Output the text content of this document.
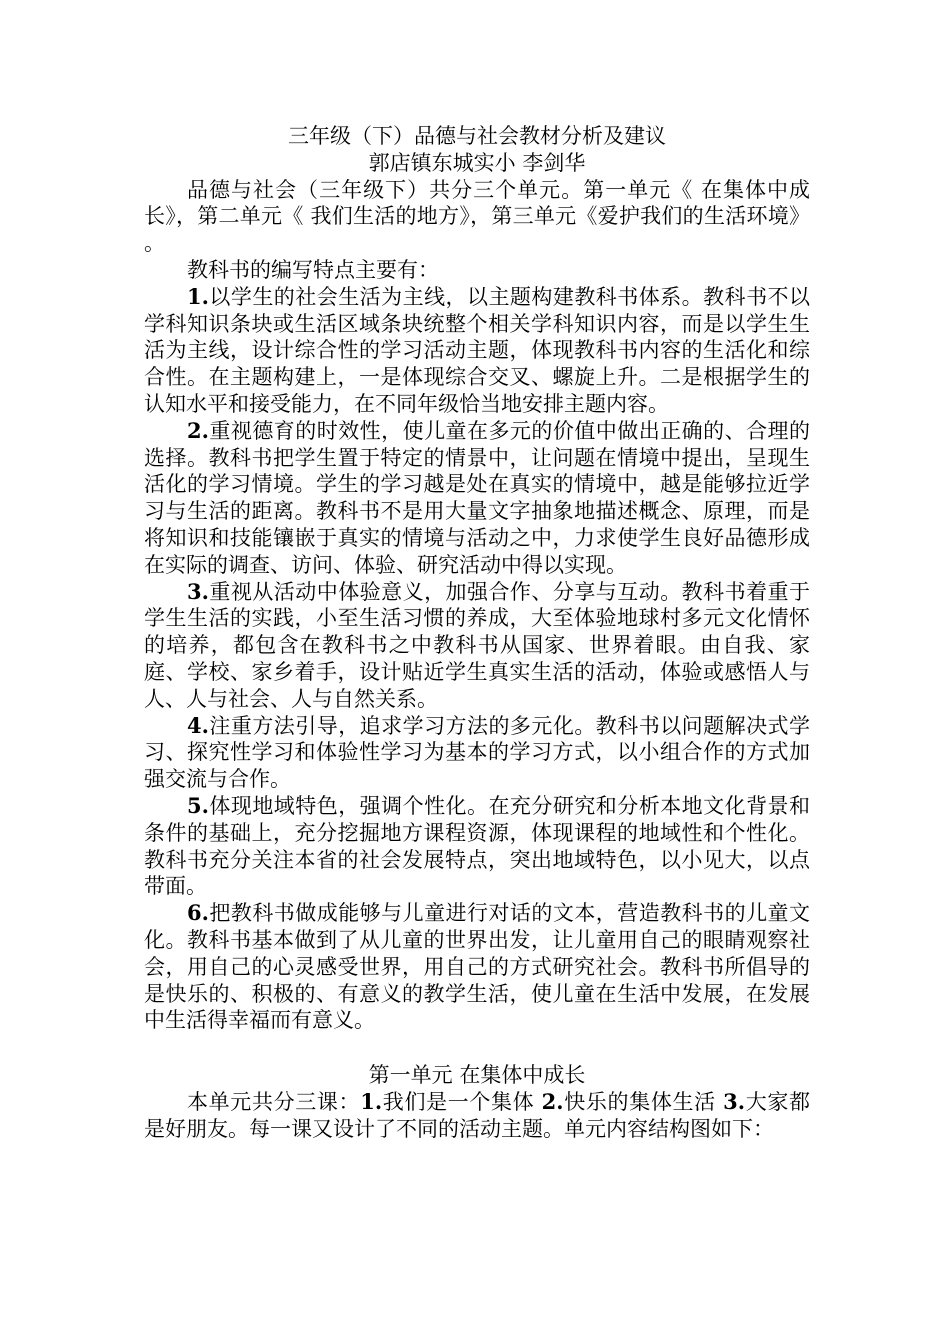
三年级（下）品德与社会教材分析及建议

郭店镇东城实小 李剑华

品德与社会（三年级下）共分三个单元。第一单元《 在集体中成长》，第二单元《 我们生活的地方》，第三单元《爱护我们的生活环境》 。

教科书的编写特点主要有：

1.以学生的社会生活为主线，以主题构建教科书体系。教科书不以学科知识条块或生活区域条块统整个相关学科知识内容，而是以学生生活为主线，设计综合性的学习活动主题，体现教科书内容的生活化和综合性。在主题构建上，一是体现综合交叉、螺旋上升。二是根据学生的认知水平和接受能力，在不同年级恰当地安排主题内容。

2.重视德育的时效性，使儿童在多元的价值中做出正确的、合理的选择。教科书把学生置于特定的情景中，让问题在情境中提出，呈现生活化的学习情境。学生的学习越是处在真实的情境中，越是能够拉近学习与生活的距离。教科书不是用大量文字抽象地描述概念、原理，而是将知识和技能镶嵌于真实的情境与活动之中，力求使学生良好品德形成在实际的调查、访问、体验、研究活动中得以实现。

3.重视从活动中体验意义，加强合作、分享与互动。教科书着重于学生生活的实践，小至生活习惯的养成，大至体验地球村多元文化情怀的培养，都包含在教科书之中教科书从国家、世界着眼。由自我、家庭、学校、家乡着手，设计贴近学生真实生活的活动，体验或感悟人与人、人与社会、人与自然关系。

4.注重方法引导，追求学习方法的多元化。教科书以问题解决式学习、探究性学习和体验性学习为基本的学习方式，以小组合作的方式加强交流与合作。

5.体现地域特色，强调个性化。在充分研究和分析本地文化背景和条件的基础上，充分挖掘地方课程资源，体现课程的地域性和个性化。教科书充分关注本省的社会发展特点，突出地域特色，以小见大，以点带面。

6.把教科书做成能够与儿童进行对话的文本，营造教科书的儿童文化。教科书基本做到了从儿童的世界出发，让儿童用自己的眼睛观察社会，用自己的心灵感受世界，用自己的方式研究社会。教科书所倡导的是快乐的、积极的、有意义的教学生活，使儿童在生活中发展，在发展中生活得幸福而有意义。

第一单元 在集体中成长

本单元共分三课：1.我们是一个集体 2.快乐的集体生活 3.大家都是好朋友。每一课又设计了不同的活动主题。单元内容结构图如下：
